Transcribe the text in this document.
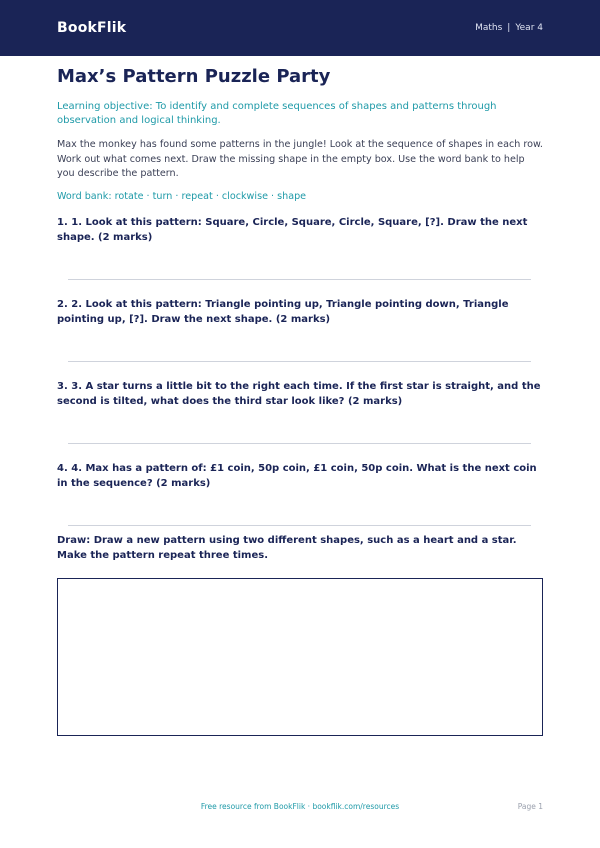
BookFlik	Maths | Year 4
Max’s Pattern Puzzle Party

Learning objective: To identify and complete sequences of shapes and patterns through observation and logical thinking.

Max the monkey has found some patterns in the jungle! Look at the sequence of shapes in each row. Work out what comes next. Draw the missing shape in the empty box. Use the word bank to help you describe the pattern.

Word bank: rotate · turn · repeat · clockwise · shape

1. 1. Look at this pattern: Square, Circle, Square, Circle, Square, [?]. Draw the next shape. (2 marks)
2. 2. Look at this pattern: Triangle pointing up, Triangle pointing down, Triangle pointing up, [?]. Draw the next shape. (2 marks)
3. 3. A star turns a little bit to the right each time. If the first star is straight, and the second is tilted, what does the third star look like? (2 marks)
4. 4. Max has a pattern of: £1 coin, 50p coin, £1 coin, 50p coin. What is the next coin in the sequence? (2 marks)
Draw: Draw a new pattern using two different shapes, such as a heart and a star. Make the pattern repeat three times.
Free resource from BookFlik · bookflik.com/resources	Page 1
